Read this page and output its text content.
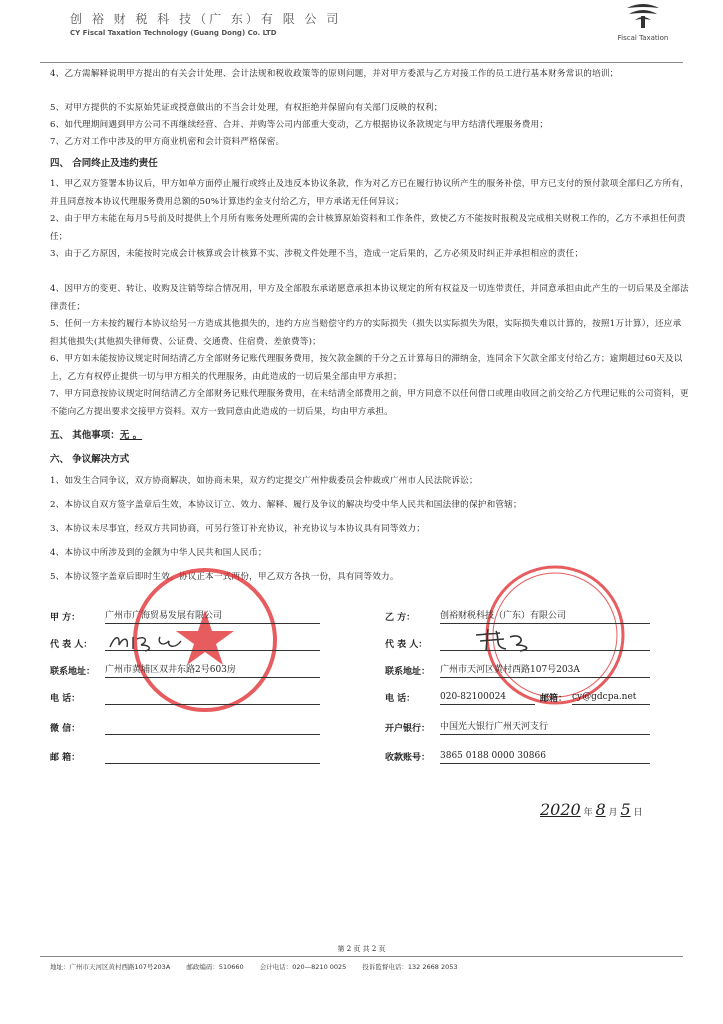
创 裕 财 税 科 技（广 东）有 限 公 司
CY Fiscal Taxation Technology (Guang Dong) Co. LTD
Fiscal Taxation
4、乙方需解释说明甲方提出的有关会计处理、会计法规和税收政策等的原则问题，并对甲方委派与乙方对接工作的员工进行基本财务常识的培训；
5、对甲方提供的不实原始凭证或授意做出的不当会计处理，有权拒绝并保留向有关部门反映的权利；
6、如代理期间遇到甲方公司不再继续经营、合并、并购等公司内部重大变动，乙方根据协议条款规定与甲方结清代理服务费用；
7、乙方对工作中涉及的甲方商业机密和会计资料严格保密。
四、 合同终止及违约责任
1、甲乙双方签署本协议后，甲方如单方面停止履行或终止及违反本协议条款，作为对乙方已在履行协议所产生的服务补偿，甲方已支付的预付款项全部归乙方所有，并且同意按本协议代理服务费用总额的50%计算违约金支付给乙方，甲方承诺无任何异议；
2、由于甲方未能在每月5号前及时提供上个月所有账务处理所需的会计核算原始资料和工作条件，致使乙方不能按时报税及完成相关财税工作的，乙方不承担任何责任；
3、由于乙方原因，未能按时完成会计核算或会计核算不实、涉税文件处理不当，造成一定后果的，乙方必须及时纠正并承担相应的责任；
4、因甲方的变更、转让、收购及注销等综合情况用，甲方及全部股东承诺愿意承担本协议规定的所有权益及一切连带责任，并同意承担由此产生的一切后果及全部法律责任；
5、任何一方未按约履行本协议给另一方造成其他损失的，违约方应当赔偿守约方的实际损失（损失以实际损失为限，实际损失难以计算的，按照1万计算），还应承担其他损失(其他损失律师费、公证费、交通费、住宿费、差旅费等)；
6、甲方如未能按协议规定时间结清乙方全部财务记账代理服务费用，按欠款金额的千分之五计算每日的滞纳金，连同余下欠款全部支付给乙方；逾期超过60天及以上，乙方有权停止提供一切与甲方相关的代理服务，由此造成的一切后果全部由甲方承担；
7、甲方同意按协议规定时间结清乙方全部财务记账代理服务费用，在未结清全部费用之前，甲方同意不以任何借口或理由收回之前交给乙方代理记账的公司资料，更不能向乙方提出要求交接甲方资料。双方一致同意由此造成的一切后果，均由甲方承担。
五、 其他事项：无 。
六、 争议解决方式
1、如发生合同争议，双方协商解决，如协商未果，双方约定提交广州仲裁委员会仲裁或广州市人民法院诉讼；
2、本协议自双方签字盖章后生效，本协议订立、效力、解释、履行及争议的解决均受中华人民共和国法律的保护和管辖；
3、本协议未尽事宜，经双方共同协商，可另行签订补充协议，补充协议与本协议具有同等效力；
4、本协议中所涉及到的金额为中华人民共和国人民币；
5、本协议签字盖章后即时生效。协议正本一式两份，甲乙双方各执一份，具有同等效力。
甲 方：	广州市广海贸易发展有限公司
代 表 人：
联系地址： 广州市黄埔区双井东路2号603房
电 话：
微 信：
邮 箱：
乙 方：	创裕财税科技（广东）有限公司
代 表 人：
联系地址： 广州市天河区黄村西路107号203A
电 话：	020-82100024	邮箱： cy@gdcpa.net
开户银行： 中国光大银行广州天河支行
收款账号： 3865 0188 0000 30866
2020 年 8 月 5 日
第 2 页 共 2 页
地址：广州市天河区黄村西路107号203A 邮政编码：510660 会计电话：020—8210 0025 投诉監督电话：132 2668 2053
